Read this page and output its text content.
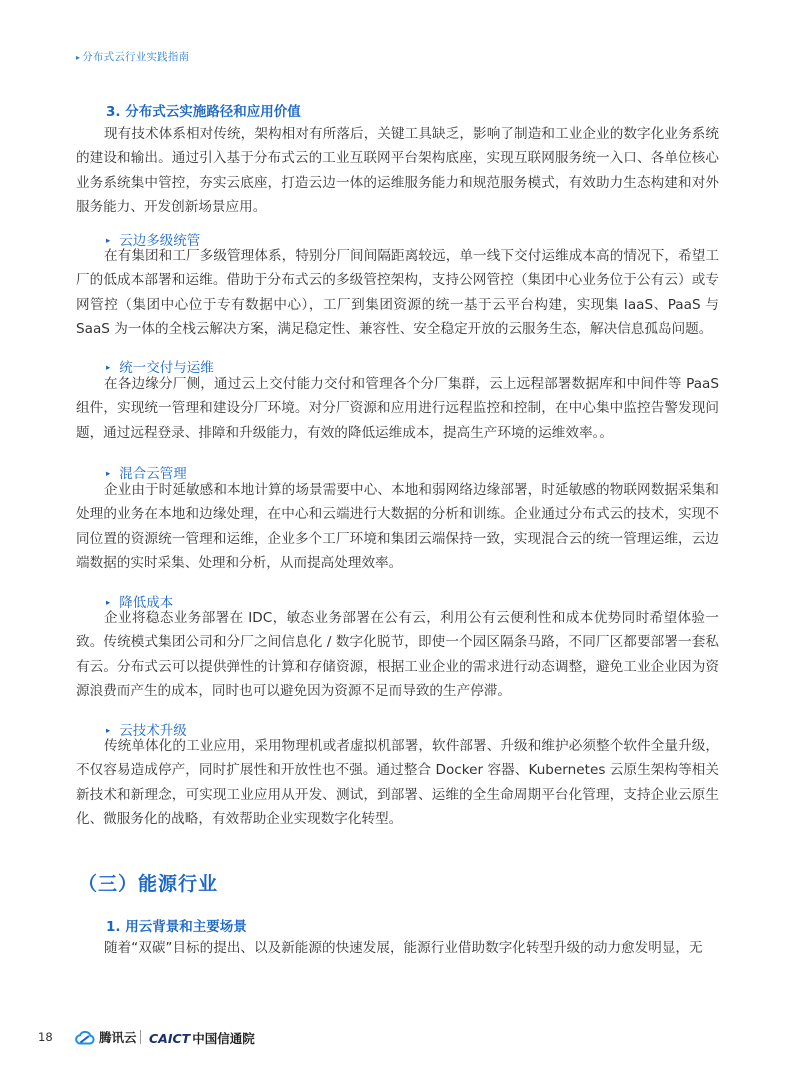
▸ 分布式云行业实践指南
3. 分布式云实施路径和应用价值
现有技术体系相对传统，架构相对有所落后，关键工具缺乏，影响了制造和工业企业的数字化业务系统的建设和输出。通过引入基于分布式云的工业互联网平台架构底座，实现互联网服务统一入口、各单位核心业务系统集中管控，夯实云底座，打造云边一体的运维服务能力和规范服务模式，有效助力生态构建和对外服务能力、开发创新场景应用。
▸ 云边多级统管
在有集团和工厂多级管理体系，特别分厂间间隔距离较远，单一线下交付运维成本高的情况下，希望工厂的低成本部署和运维。借助于分布式云的多级管控架构，支持公网管控（集团中心业务位于公有云）或专网管控（集团中心位于专有数据中心），工厂到集团资源的统一基于云平台构建，实现集 IaaS、PaaS 与 SaaS 为一体的全栈云解决方案，满足稳定性、兼容性、安全稳定开放的云服务生态，解决信息孤岛问题。
▸ 统一交付与运维
在各边缘分厂侧，通过云上交付能力交付和管理各个分厂集群，云上远程部署数据库和中间件等 PaaS 组件，实现统一管理和建设分厂环境。对分厂资源和应用进行远程监控和控制，在中心集中监控告警发现问题，通过远程登录、排障和升级能力，有效的降低运维成本，提高生产环境的运维效率。。
▸ 混合云管理
企业由于时延敏感和本地计算的场景需要中心、本地和弱网络边缘部署，时延敏感的物联网数据采集和处理的业务在本地和边缘处理，在中心和云端进行大数据的分析和训练。企业通过分布式云的技术，实现不同位置的资源统一管理和运维，企业多个工厂环境和集团云端保持一致，实现混合云的统一管理运维，云边端数据的实时采集、处理和分析，从而提高处理效率。
▸ 降低成本
企业将稳态业务部署在 IDC，敏态业务部署在公有云，利用公有云便利性和成本优势同时希望体验一致。传统模式集团公司和分厂之间信息化 / 数字化脱节，即使一个园区隔条马路，不同厂区都要部署一套私有云。分布式云可以提供弹性的计算和存储资源，根据工业企业的需求进行动态调整，避免工业企业因为资源浪费而产生的成本，同时也可以避免因为资源不足而导致的生产停滞。
▸ 云技术升级
传统单体化的工业应用，采用物理机或者虚拟机部署，软件部署、升级和维护必须整个软件全量升级，不仅容易造成停产，同时扩展性和开放性也不强。通过整合 Docker 容器、Kubernetes 云原生架构等相关新技术和新理念，可实现工业应用从开发、测试，到部署、运维的全生命周期平台化管理，支持企业云原生化、微服务化的战略，有效帮助企业实现数字化转型。
（三）能源行业
1. 用云背景和主要场景
随着“双碳”目标的提出、以及新能源的快速发展，能源行业借助数字化转型升级的动力愈发明显，无
18	腾讯云 CAICT 中国信通院
